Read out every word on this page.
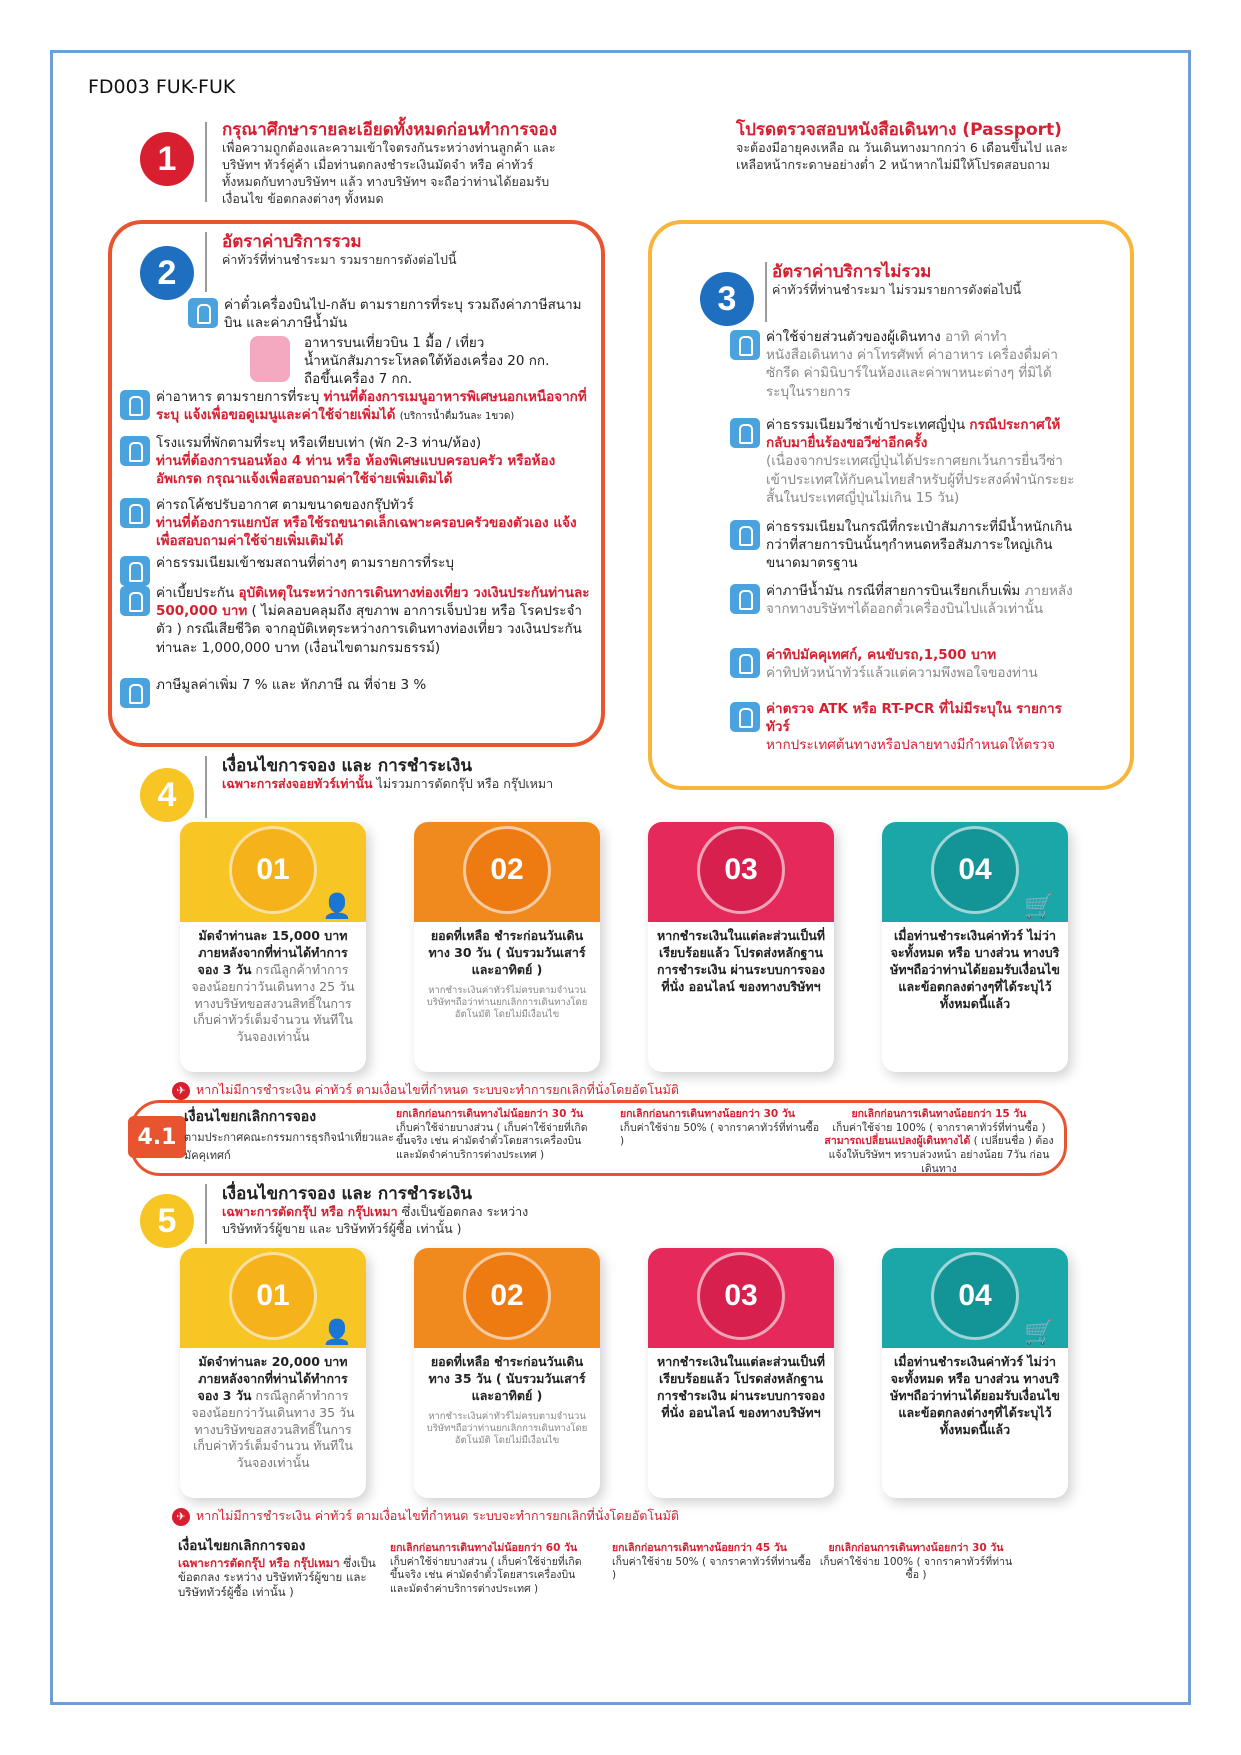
FD003 FUK-FUK
1
กรุณาศึกษารายละเอียดทั้งหมดก่อนทำการจอง
เพื่อความถูกต้องและความเข้าใจตรงกันระหว่างท่านลูกค้า และบริษัทฯ ทัวร์คู่ค้า เมื่อท่านตกลงชำระเงินมัดจำ หรือ ค่าทัวร์ทั้งหมดกับทางบริษัทฯ แล้ว ทางบริษัทฯ จะถือว่าท่านได้ยอมรับเงื่อนไข ข้อตกลงต่างๆ ทั้งหมด
โปรดตรวจสอบหนังสือเดินทาง (Passport)
จะต้องมีอายุคงเหลือ ณ วันเดินทางมากกว่า 6 เดือนขึ้นไป และเหลือหน้ากระดาษอย่างต่ำ 2 หน้าหากไม่มีให้โปรดสอบถาม
2
อัตราค่าบริการรวม
ค่าทัวร์ที่ท่านชำระมา รวมรายการดังต่อไปนี้
ค่าตั๋วเครื่องบินไป-กลับ ตามรายการที่ระบุ รวมถึงค่าภาษีสนามบิน และค่าภาษีน้ำมัน
อาหารบนเที่ยวบิน 1 มื้อ / เที่ยว
น้ำหนักสัมภาระโหลดใต้ท้องเครื่อง 20 กก.
ถือขึ้นเครื่อง 7 กก.
ค่าอาหาร ตามรายการที่ระบุ ท่านที่ต้องการเมนูอาหารพิเศษนอกเหนือจากที่ระบุ แจ้งเพื่อขอดูเมนูและค่าใช้จ่ายเพิ่มได้ (บริการน้ำดื่มวันละ 1ขวด)
โรงแรมที่พักตามที่ระบุ หรือเทียบเท่า (พัก 2-3 ท่าน/ห้อง)
ท่านที่ต้องการนอนห้อง 4 ท่าน หรือ ห้องพิเศษแบบครอบครัว หรือห้องอัพเกรด กรุณาแจ้งเพื่อสอบถามค่าใช้จ่ายเพิ่มเติมได้
ค่ารถโค้ชปรับอากาศ ตามขนาดของกรุ๊ปทัวร์
ท่านที่ต้องการแยกบัส หรือใช้รถขนาดเล็กเฉพาะครอบครัวของตัวเอง แจ้งเพื่อสอบถามค่าใช้จ่ายเพิ่มเติมได้
ค่าธรรมเนียมเข้าชมสถานที่ต่างๆ ตามรายการที่ระบุ
ค่าเบี้ยประกัน อุบัติเหตุในระหว่างการเดินทางท่องเที่ยว วงเงินประกันท่านละ 500,000 บาท ( ไม่คลอบคลุมถึง สุขภาพ อาการเจ็บป่วย หรือ โรคประจำตัว ) กรณีเสียชีวิต จากอุบัติเหตุระหว่างการเดินทางท่องเที่ยว วงเงินประกันท่านละ 1,000,000 บาท (เงื่อนไขตามกรมธรรม์)
ภาษีมูลค่าเพิ่ม 7 % และ หักภาษี ณ ที่จ่าย 3 %
3
อัตราค่าบริการไม่รวม
ค่าทัวร์ที่ท่านชำระมา ไม่รวมรายการดังต่อไปนี้
ค่าใช้จ่ายส่วนตัวของผู้เดินทาง อาทิ ค่าทำหนังสือเดินทาง ค่าโทรศัพท์ ค่าอาหาร เครื่องดื่มค่าซักรีด ค่ามินิบาร์ในห้องและค่าพาหนะต่างๆ ที่มิได้ระบุในรายการ
ค่าธรรมเนียมวีซ่าเข้าประเทศญี่ปุ่น กรณีประกาศให้กลับมายื่นร้องขอวีซ่าอีกครั้ง
(เนื่องจากประเทศญี่ปุ่นได้ประกาศยกเว้นการยื่นวีซ่าเข้าประเทศให้กับคนไทยสำหรับผู้ที่ประสงค์พำนักระยะสั้นในประเทศญี่ปุ่นไม่เกิน 15 วัน)
ค่าธรรมเนียมในกรณีที่กระเป๋าสัมภาระที่มีน้ำหนักเกินกว่าที่สายการบินนั้นๆกำหนดหรือสัมภาระใหญ่เกินขนาดมาตรฐาน
ค่าภาษีน้ำมัน กรณีที่สายการบินเรียกเก็บเพิ่ม ภายหลังจากทางบริษัทฯได้ออกตั๋วเครื่องบินไปแล้วเท่านั้น
ค่าทิปมัคคุเทศก์, คนขับรถ,1,500 บาท
ค่าทิปหัวหน้าทัวร์แล้วแต่ความพึงพอใจของท่าน
ค่าตรวจ ATK หรือ RT-PCR ที่ไม่มีระบุใน รายการทัวร์
หากประเทศต้นทางหรือปลายทางมีกำหนดให้ตรวจ
4
เงื่อนไขการจอง และ การชำระเงิน
เฉพาะการส่งจอยทัวร์เท่านั้น ไม่รวมการตัดกรุ๊ป หรือ กรุ๊ปเหมา
01
👤
มัดจำท่านละ 15,000 บาท ภายหลังจากที่ท่านได้ทำการจอง 3 วัน กรณีลูกค้าทำการจองน้อยกว่าวันเดินทาง 25 วัน ทางบริษัทขอสงวนสิทธิ์ในการเก็บค่าทัวร์เต็มจำนวน ทันทีในวันจองเท่านั้น
02
ยอดที่เหลือ ชำระก่อนวันเดินทาง 30 วัน ( นับรวมวันเสาร์ และอาทิตย์ )
หากชำระเงินค่าทัวร์ไม่ครบตามจำนวน บริษัทฯถือว่าท่านยกเลิกการเดินทางโดยอัตโนมัติ โดยไม่มีเงื่อนไข
03
หากชำระเงินในแต่ละส่วนเป็นที่เรียบร้อยแล้ว โปรดส่งหลักฐานการชำระเงิน ผ่านระบบการจองที่นั่ง ออนไลน์ ของทางบริษัทฯ
04
🛒
เมื่อท่านชำระเงินค่าทัวร์ ไม่ว่าจะทั้งหมด หรือ บางส่วน ทางบริษัทฯถือว่าท่านได้ยอมรับเงื่อนไขและข้อตกลงต่างๆที่ได้ระบุไว้ทั้งหมดนี้แล้ว
✈ หากไม่มีการชำระเงิน ค่าทัวร์ ตามเงื่อนไขที่กำหนด ระบบจะทำการยกเลิกที่นั่งโดยอัตโนมัติ
4.1
เงื่อนไขยกเลิกการจอง
ตามประกาศคณะกรรมการธุรกิจนำเที่ยวและมัคคุเทศก์
ยกเลิกก่อนการเดินทางไม่น้อยกว่า 30 วัน
เก็บค่าใช้จ่ายบางส่วน ( เก็บค่าใช้จ่ายที่เกิดขึ้นจริง เช่น ค่ามัดจำตั๋วโดยสารเครื่องบิน และมัดจำค่าบริการต่างประเทศ )
ยกเลิกก่อนการเดินทางน้อยกว่า 30 วัน
เก็บค่าใช้จ่าย 50% ( จากราคาทัวร์ที่ท่านซื้อ )
ยกเลิกก่อนการเดินทางน้อยกว่า 15 วัน
เก็บค่าใช้จ่าย 100% ( จากราคาทัวร์ที่ท่านซื้อ )
สามารถเปลี่ยนแปลงผู้เดินทางได้ ( เปลี่ยนชื่อ ) ต้องแจ้งให้บริษัทฯ ทราบล่วงหน้า อย่างน้อย 7วัน ก่อนเดินทาง
5
เงื่อนไขการจอง และ การชำระเงิน
เฉพาะการตัดกรุ๊ป หรือ กรุ๊ปเหมา ซึ่งเป็นข้อตกลง ระหว่าง บริษัททัวร์ผู้ขาย และ บริษัททัวร์ผู้ซื้อ เท่านั้น )
01
👤
มัดจำท่านละ 20,000 บาท ภายหลังจากที่ท่านได้ทำการจอง 3 วัน กรณีลูกค้าทำการจองน้อยกว่าวันเดินทาง 35 วัน ทางบริษัทขอสงวนสิทธิ์ในการเก็บค่าทัวร์เต็มจำนวน ทันทีในวันจองเท่านั้น
02
ยอดที่เหลือ ชำระก่อนวันเดินทาง 35 วัน ( นับรวมวันเสาร์ และอาทิตย์ )
หากชำระเงินค่าทัวร์ไม่ครบตามจำนวน บริษัทฯถือว่าท่านยกเลิกการเดินทางโดยอัตโนมัติ โดยไม่มีเงื่อนไข
03
หากชำระเงินในแต่ละส่วนเป็นที่เรียบร้อยแล้ว โปรดส่งหลักฐานการชำระเงิน ผ่านระบบการจองที่นั่ง ออนไลน์ ของทางบริษัทฯ
04
🛒
เมื่อท่านชำระเงินค่าทัวร์ ไม่ว่าจะทั้งหมด หรือ บางส่วน ทางบริษัทฯถือว่าท่านได้ยอมรับเงื่อนไขและข้อตกลงต่างๆที่ได้ระบุไว้ทั้งหมดนี้แล้ว
✈ หากไม่มีการชำระเงิน ค่าทัวร์ ตามเงื่อนไขที่กำหนด ระบบจะทำการยกเลิกที่นั่งโดยอัตโนมัติ
เงื่อนไขยกเลิกการจอง
เฉพาะการตัดกรุ๊ป หรือ กรุ๊ปเหมา ซึ่งเป็นข้อตกลง ระหว่าง บริษัททัวร์ผู้ขาย และ บริษัททัวร์ผู้ซื้อ เท่านั้น )
ยกเลิกก่อนการเดินทางไม่น้อยกว่า 60 วัน
เก็บค่าใช้จ่ายบางส่วน ( เก็บค่าใช้จ่ายที่เกิดขึ้นจริง เช่น ค่ามัดจำตั๋วโดยสารเครื่องบิน และมัดจำค่าบริการต่างประเทศ )
ยกเลิกก่อนการเดินทางน้อยกว่า 45 วัน
เก็บค่าใช้จ่าย 50% ( จากราคาทัวร์ที่ท่านซื้อ )
ยกเลิกก่อนการเดินทางน้อยกว่า 30 วัน
เก็บค่าใช้จ่าย 100% ( จากราคาทัวร์ที่ท่านซื้อ )
